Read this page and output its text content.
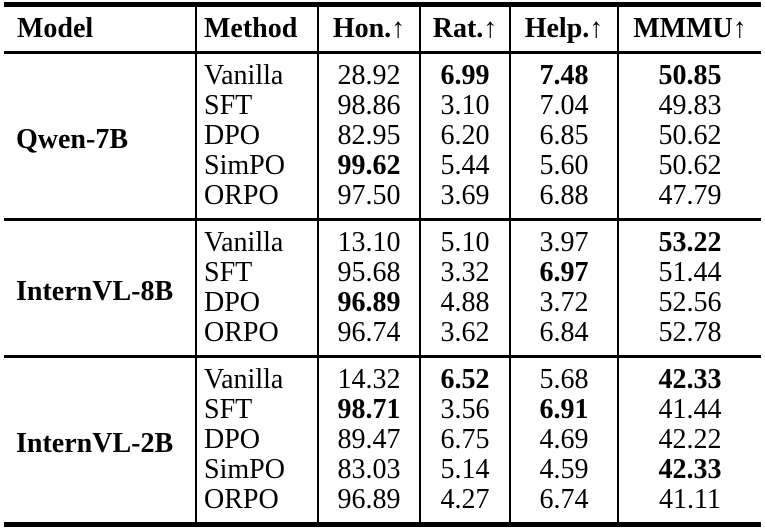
Model	Method	Hon.↑	Rat.↑	Help.↑	MMMU↑
Qwen-7B	Vanilla	28.92	6.99	7.48	50.85
	SFT	98.86	3.10	7.04	49.83
	DPO	82.95	6.20	6.85	50.62
	SimPO	99.62	5.44	5.60	50.62
	ORPO	97.50	3.69	6.88	47.79
InternVL-8B	Vanilla	13.10	5.10	3.97	53.22
	SFT	95.68	3.32	6.97	51.44
	DPO	96.89	4.88	3.72	52.56
	ORPO	96.74	3.62	6.84	52.78
InternVL-2B	Vanilla	14.32	6.52	5.68	42.33
	SFT	98.71	3.56	6.91	41.44
	DPO	89.47	6.75	4.69	42.22
	SimPO	83.03	5.14	4.59	42.33
	ORPO	96.89	4.27	6.74	41.11
